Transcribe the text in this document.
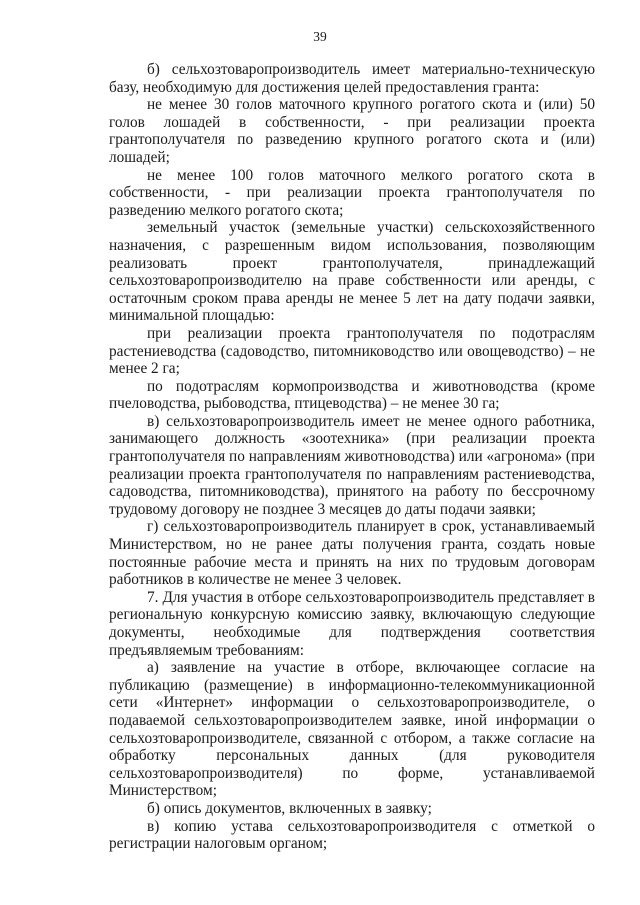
39

б) сельхозтоваропроизводитель имеет материально-техническую базу, необходимую для достижения целей предоставления гранта:

не менее 30 голов маточного крупного рогатого скота и (или) 50 голов лошадей в собственности, - при реализации проекта грантополучателя по разведению крупного рогатого скота и (или) лошадей;

не менее 100 голов маточного мелкого рогатого скота в собственности, - при реализации проекта грантополучателя по разведению мелкого рогатого скота;

земельный участок (земельные участки) сельскохозяйственного назначения, с разрешенным видом использования, позволяющим реализовать проект грантополучателя, принадлежащий сельхозтоваропроизводителю на праве собственности или аренды, с остаточным сроком права аренды не менее 5 лет на дату подачи заявки, минимальной площадью:

при реализации проекта грантополучателя по подотраслям растениеводства (садоводство, питомниководство или овощеводство) – не менее 2 га;

по подотраслям кормопроизводства и животноводства (кроме пчеловодства, рыбоводства, птицеводства) – не менее 30 га;

в) сельхозтоваропроизводитель имеет не менее одного работника, занимающего должность «зоотехника» (при реализации проекта грантополучателя по направлениям животноводства) или «агронома» (при реализации проекта грантополучателя по направлениям растениеводства, садоводства, питомниководства), принятого на работу по бессрочному трудовому договору не позднее 3 месяцев до даты подачи заявки;

г) сельхозтоваропроизводитель планирует в срок, устанавливаемый Министерством, но не ранее даты получения гранта, создать новые постоянные рабочие места и принять на них по трудовым договорам работников в количестве не менее 3 человек.

7. Для участия в отборе сельхозтоваропроизводитель представляет в региональную конкурсную комиссию заявку, включающую следующие документы, необходимые для подтверждения соответствия предъявляемым требованиям:

а) заявление на участие в отборе, включающее согласие на публикацию (размещение) в информационно-телекоммуникационной сети «Интернет» информации о сельхозтоваропроизводителе, о подаваемой сельхозтоваропроизводителем заявке, иной информации о сельхозтоваропроизводителе, связанной с отбором, а также согласие на обработку персональных данных (для руководителя сельхозтоваропроизводителя) по форме, устанавливаемой Министерством;

б) опись документов, включенных в заявку;

в) копию устава сельхозтоваропроизводителя с отметкой о регистрации налоговым органом;
